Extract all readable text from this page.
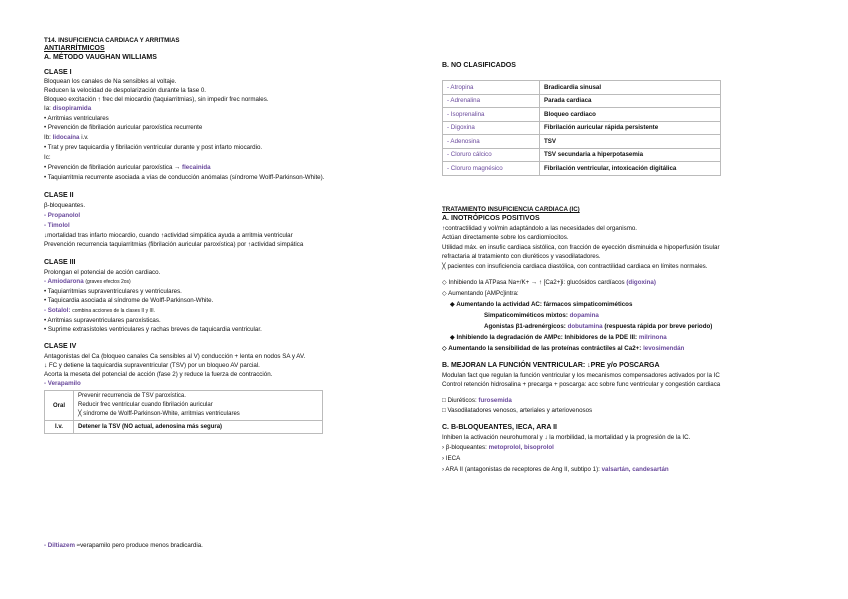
T14. INSUFICIENCIA CARDIACA Y ARRITMIAS
ANTIARRÍTMICOS
A. MÉTODO VAUGHAN WILLIAMS
CLASE I
Bloquean los canales de Na sensibles al voltaje.
Reducen la velocidad de despolarización durante la fase 0.
Bloqueo excitación ↑ frec del miocardio (taquiarritmias), sin impedir frec normales.
Ia: disopiramida
• Arritmias ventriculares
• Prevención de fibrilación auricular paroxística recurrente
Ib: lidocaína i.v.
• Trat y prev taquicardia y fibrilación ventricular durante y post infarto miocardio.
Ic:
• Prevención de fibrilación auricular paroxística → flecainida
• Taquiarritmia recurrente asociada a vías de conducción anómalas (síndrome Wolff-Parkinson-White).
CLASE II
β-bloqueantes.
- Propanolol
- Timolol
↓mortalidad tras infarto miocardio, cuando ↑actividad simpática ayuda a arritmia ventricular
Prevención recurrencia taquiarritmias (fibrilación auricular paroxística) por ↑actividad simpática
CLASE III
Prolongan el potencial de acción cardiaco.
- Amiodarona (graves efectos 2os)
• Taquiarritmias supraventriculares y ventriculares.
• Taquicardia asociada al síndrome de Wolff-Parkinson-White.
- Sotalol: combina acciones de la clases II y III.
• Arritmias supraventriculares paroxísticas.
• Suprime extrasístoles ventriculares y rachas breves de taquicardia ventricular.
CLASE IV
Antagonistas del Ca (bloqueo canales Ca sensibles al V) conducción + lenta en nodos SA y AV.
↓ FC y detiene la taquicardia supraventricular (TSV) por un bloqueo AV parcial.
Acorta la meseta del potencial de acción (fase 2) y reduce la fuerza de contracción.
- Verapamilo
Oral	Prevenir recurrencia de TSV paroxística.
Reducir frec ventricular cuando fibrilación auricular
╳ síndrome de Wolff-Parkinson-White, arritmias ventriculares

I.v.	Detener la TSV (NO actual, adenosina más segura)
- Diltiazem ≈verapamilo pero produce menos bradicardia.
B. NO CLASIFICADOS
- Atropina	Bradicardia sinusal
- Adrenalina	Parada cardiaca
- Isoprenalina	Bloqueo cardiaco
- Digoxina	Fibrilación auricular rápida persistente
- Adenosina	TSV
- Cloruro cálcico	TSV secundaria a hiperpotasemia
- Cloruro magnésico	Fibrilación ventricular, intoxicación digitálica
TRATAMIENTO INSUFICIENCIA CARDIACA (IC)
A. INOTRÓPICOS POSITIVOS
↑contractilidad y vol/min adaptándolo a las necesidades del organismo.
Actúan directamente sobre los cardiomiocitos.
Utilidad máx. en insufic cardiaca sistólica, con fracción de eyección disminuida e hipoperfusión tisular
refractaria al tratamiento con diuréticos y vasodilatadores.
╳ pacientes con insuficiencia cardiaca diastólica, con contractilidad cardiaca en límites normales.
◇ Inhibiendo la ATPasa Na+/K+ → ↑ [Ca2+]i: glucósidos cardíacos (digoxina)
◇ Aumentando [AMPc]intra:
◆ Aumentando la actividad AC: fármacos simpaticomiméticos
Simpaticomiméticos mixtos: dopamina
Agonistas β1-adrenérgicos: dobutamina (respuesta rápida por breve periodo)
◆ Inhibiendo la degradación de AMPc: Inhibidores de la PDE III: milrinona
◇ Aumentando la sensibilidad de las proteínas contráctiles al Ca2+: levosimendán
B. MEJORAN LA FUNCIÓN VENTRICULAR: ↓PRE y/o POSCARGA
Modulan fact que regulan la función ventricular y los mecanismos compensadores activados por la IC
Control retención hidrosalina + precarga + poscarga: acc sobre func ventricular y congestión cardiaca
□ Diuréticos: furosemida
□ Vasodilatadores venosos, arteriales y arteriovenosos
C. B-BLOQUEANTES, IECA, ARA II
Inhiben la activación neurohumoral y ↓ la morbilidad, la mortalidad y la progresión de la IC.
› β-bloqueantes: metoprolol, bisoprolol
› IECA
› ARA II (antagonistas de receptores de Ang II, subtipo 1): valsartán, candesartán
